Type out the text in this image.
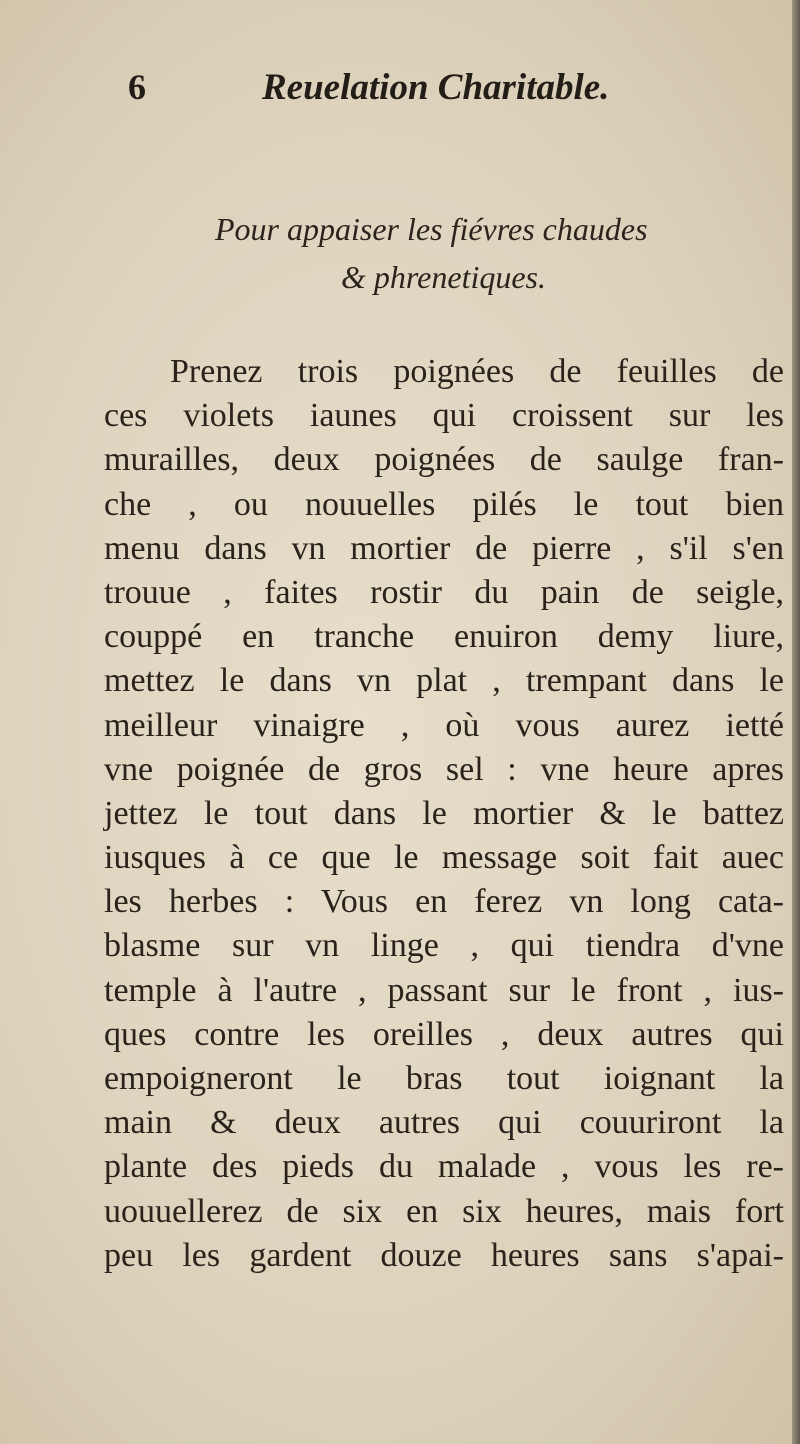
6	Reuelation Charitable.
Pour appaiser les fiévres chaudes
& phrenetiques.
Prenez trois poignées de feuilles de
ces violets iaunes qui croissent sur les
murailles, deux poignées de saulge fran-
che , ou nouuelles pilés le tout bien
menu dans vn mortier de pierre , s'il s'en
trouue , faites rostir du pain de seigle,
couppé en tranche enuiron demy liure,
mettez le dans vn plat , trempant dans le
meilleur vinaigre , où vous aurez ietté
vne poignée de gros sel : vne heure apres
jettez le tout dans le mortier & le battez
iusques à ce que le message soit fait auec
les herbes : Vous en ferez vn long cata-
blasme sur vn linge , qui tiendra d'vne
temple à l'autre , passant sur le front , ius-
ques contre les oreilles , deux autres qui
empoigneront le bras tout ioignant la
main & deux autres qui couuriront la
plante des pieds du malade , vous les re-
uouuellerez de six en six heures, mais fort
peu les gardent douze heures sans s'apai-
